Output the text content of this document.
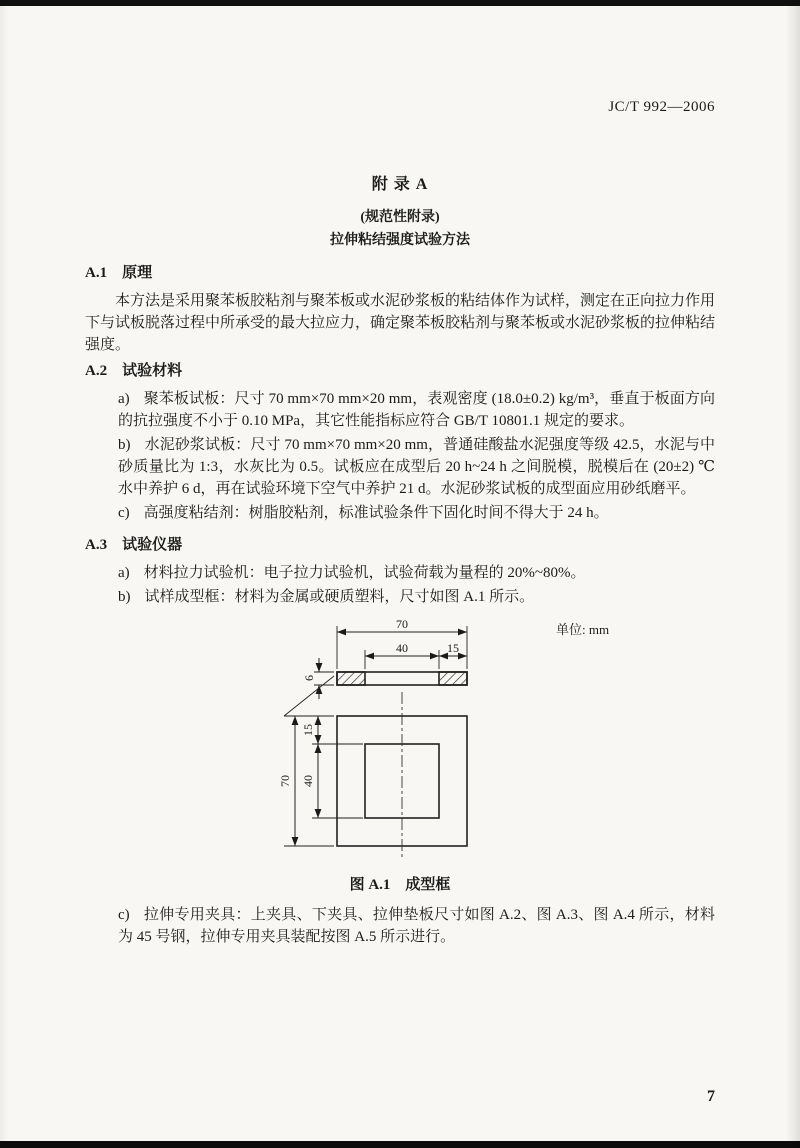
JC/T 992—2006
附 录 A
(规范性附录)
拉伸粘结强度试验方法
A.1 原理
本方法是采用聚苯板胶粘剂与聚苯板或水泥砂浆板的粘结体作为试样，测定在正向拉力作用下与试板脱落过程中所承受的最大拉应力，确定聚苯板胶粘剂与聚苯板或水泥砂浆板的拉伸粘结强度。
A.2 试验材料
a) 聚苯板试板：尺寸 70 mm×70 mm×20 mm，表观密度 (18.0±0.2) kg/m³，垂直于板面方向的抗拉强度不小于 0.10 MPa，其它性能指标应符合 GB/T 10801.1 规定的要求。
b) 水泥砂浆试板：尺寸 70 mm×70 mm×20 mm，普通硅酸盐水泥强度等级 42.5，水泥与中砂质量比为 1:3，水灰比为 0.5。试板应在成型后 20 h~24 h 之间脱模，脱模后在 (20±2) ℃水中养护 6 d，再在试验环境下空气中养护 21 d。水泥砂浆试板的成型面应用砂纸磨平。
c) 高强度粘结剂：树脂胶粘剂，标准试验条件下固化时间不得大于 24 h。
A.3 试验仪器
a) 材料拉力试验机：电子拉力试验机，试验荷载为量程的 20%~80%。
b) 试样成型框：材料为金属或硬质塑料，尺寸如图 A.1 所示。
单位: mm
70
40	15
6
15
40
70
图 A.1　成型框
c) 拉伸专用夹具：上夹具、下夹具、拉伸垫板尺寸如图 A.2、图 A.3、图 A.4 所示，材料为 45 号钢，拉伸专用夹具装配按图 A.5 所示进行。
7
